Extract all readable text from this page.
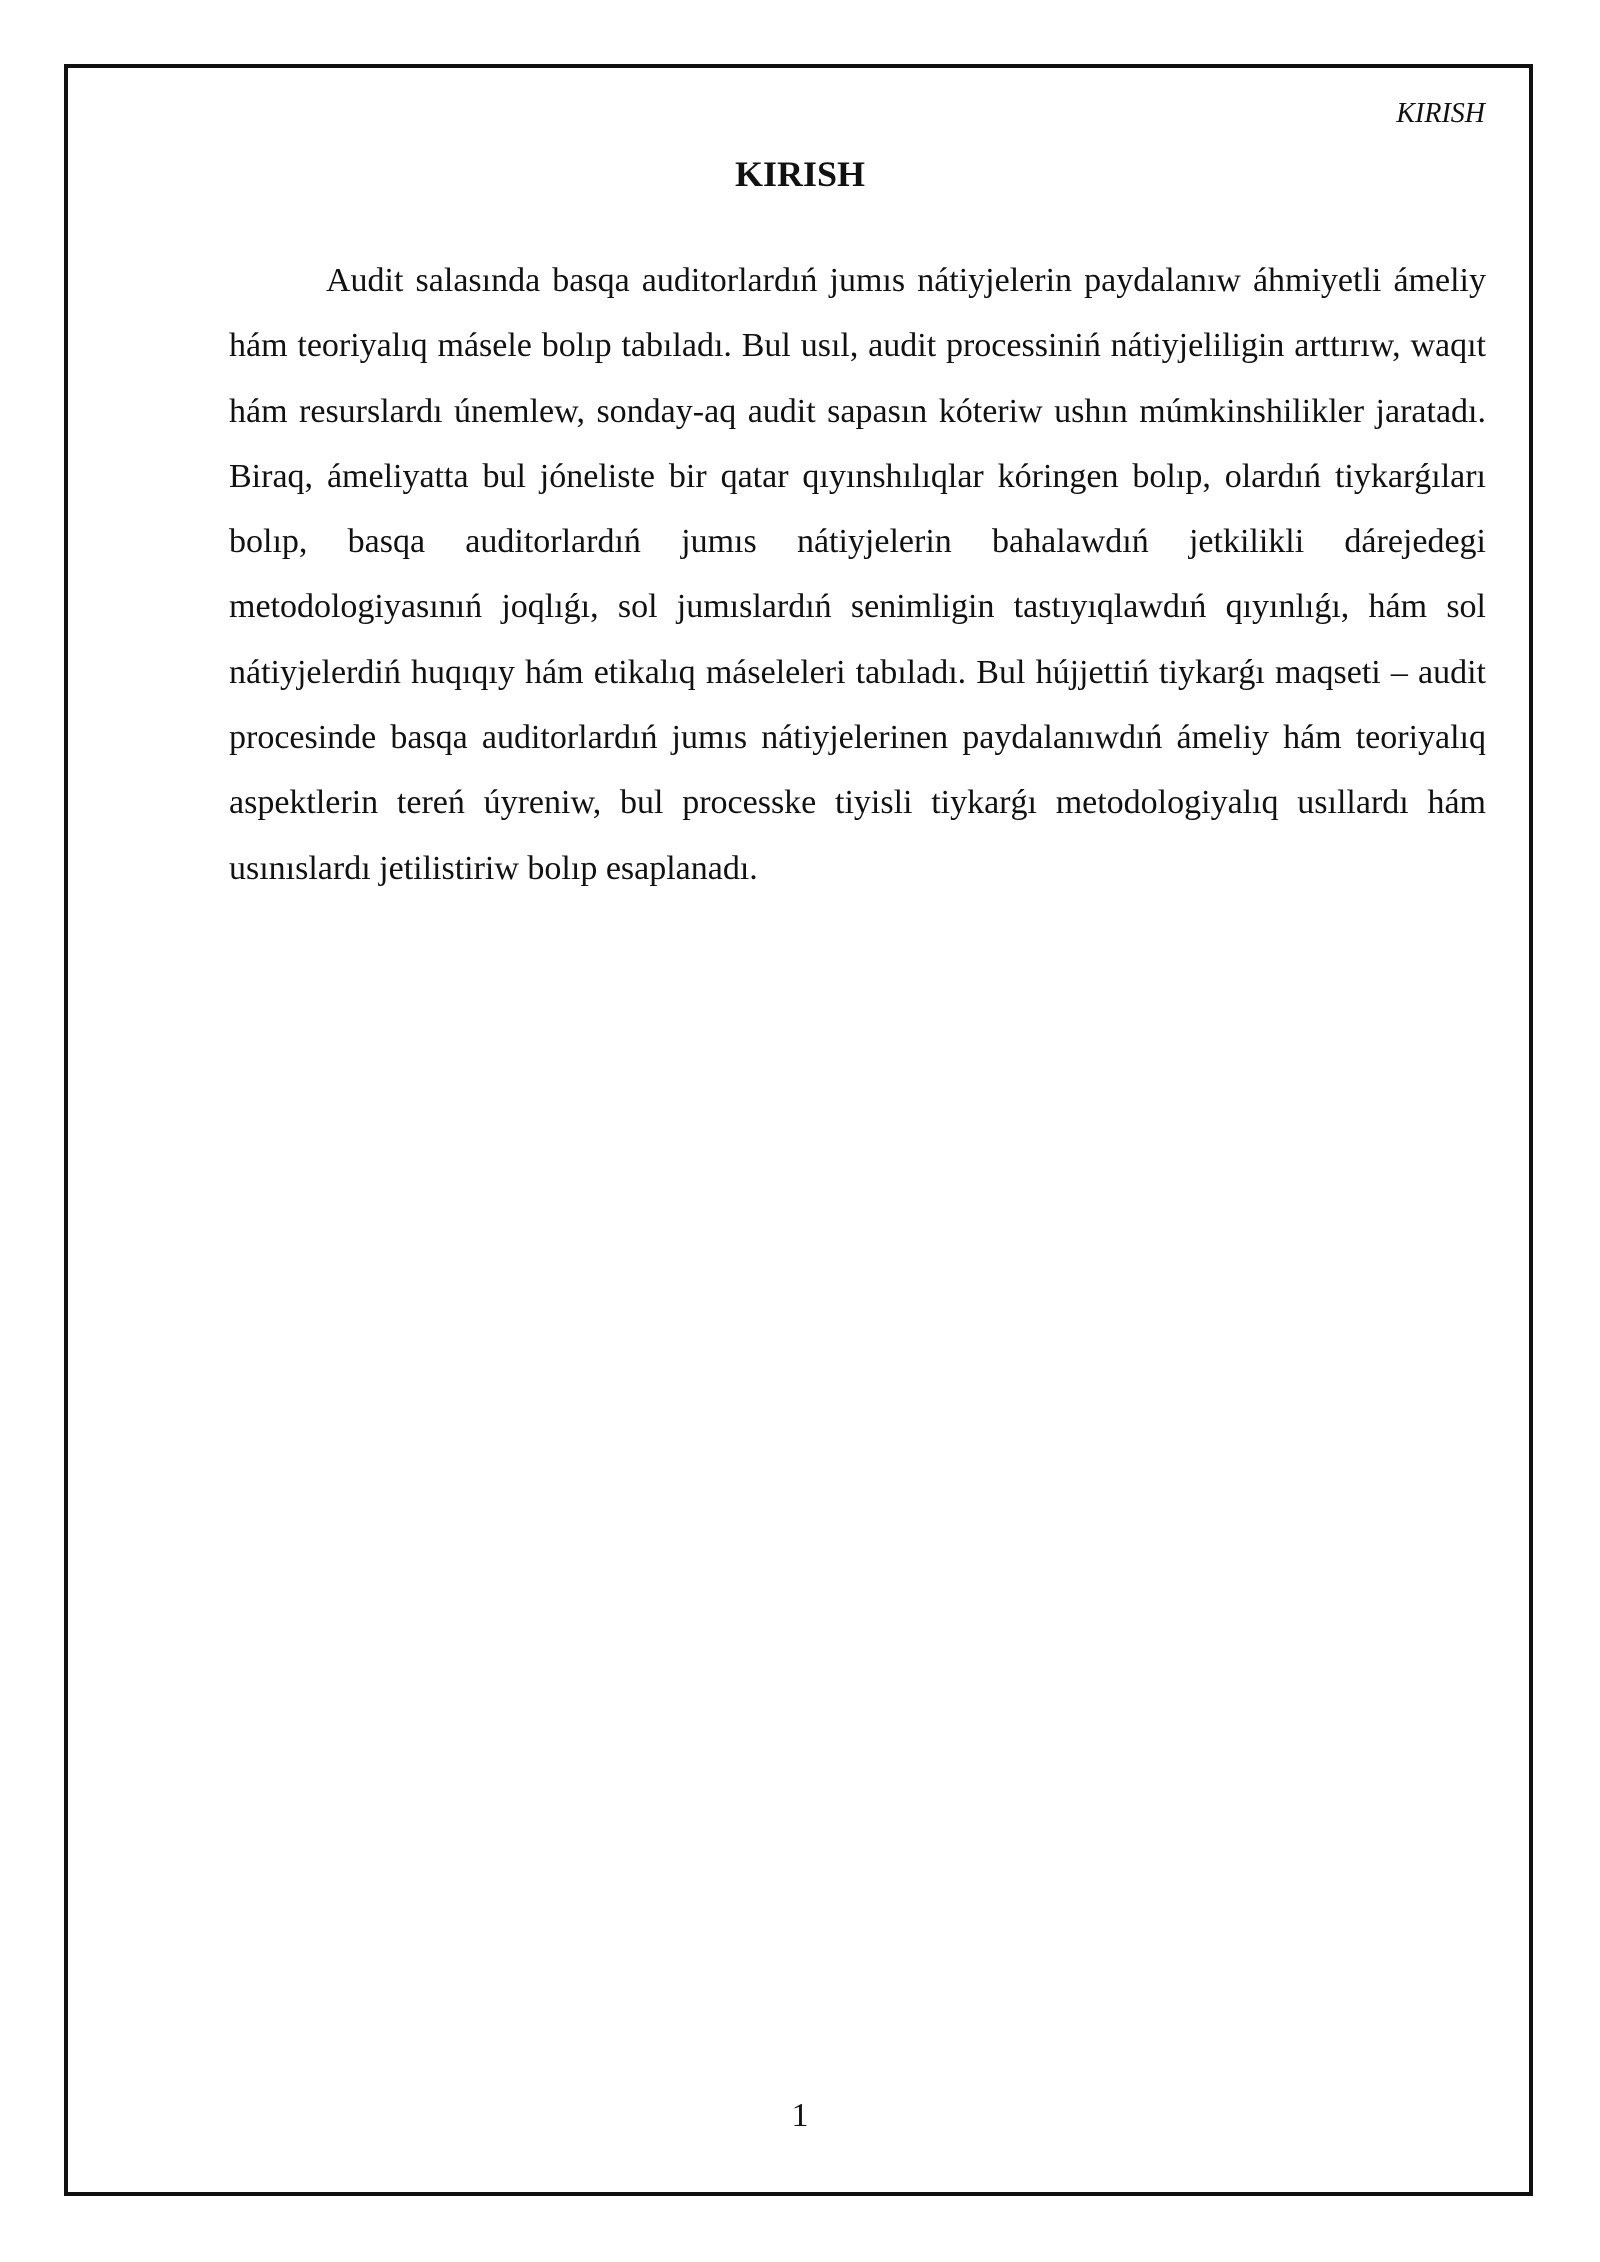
KIRISH

KIRISH

Audit salasında basqa auditorlardıń jumıs nátiyjelerin paydalanıw áhmiyetli ámeliy hám teoriyalıq másele bolıp tabıladı. Bul usıl, audit processiniń nátiyjeliligin arttırıw, waqıt hám resurslardı únemlew, sonday-aq audit sapasın kóteriw ushın múmkinshilikler jaratadı. Biraq, ámeliyatta bul jóneliste bir qatar qıyınshılıqlar kóringen bolıp, olardıń tiykarǵıları bolıp, basqa auditorlardıń jumıs nátiyjelerin bahalawdıń jetkilikli dárejedegi metodologiyasınıń joqlıǵı, sol jumıslardıń senimligin tastıyıqlawdıń qıyınlıǵı, hám sol nátiyjelerdiń huqıqıy hám etikalıq máseleleri tabıladı. Bul hújjettiń tiykarǵı maqseti – audit procesinde basqa auditorlardıń jumıs nátiyjelerinen paydalanıwdıń ámeliy hám teoriyalıq aspektlerin tereń úyreniw, bul processke tiyisli tiykarǵı metodologiyalıq usıllardı hám usınıslardı jetilistiriw bolıp esaplanadı.

1
